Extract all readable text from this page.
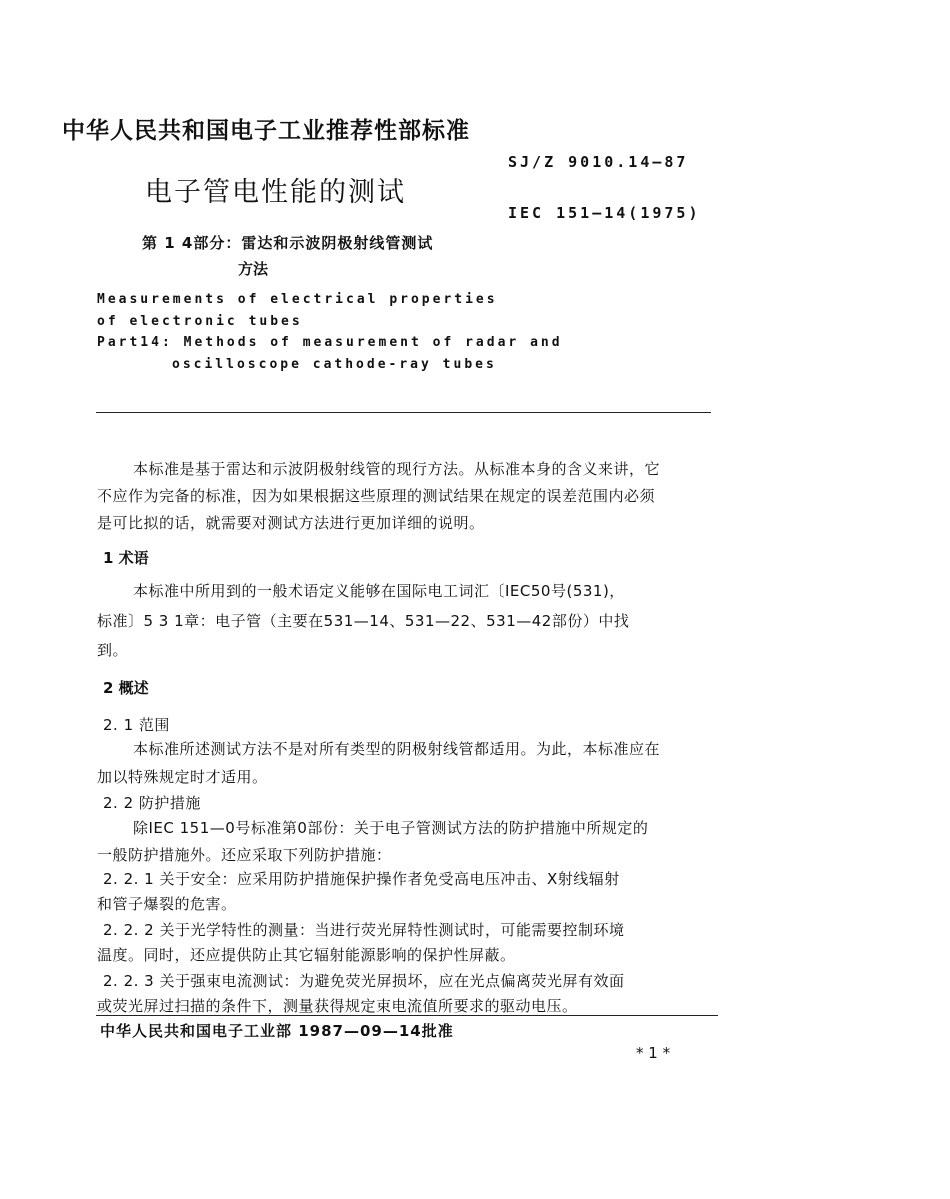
中华人民共和国电子工业推荐性部标准
SJ/Z 9010.14—87
电子管电性能的测试
IEC 151—14(1975)
第 1 4部分：雷达和示波阴极射线管测试
方法
Measurements of electrical properties
of electronic tubes
Part14: Methods of measurement of radar and
oscilloscope cathode-ray tubes
本标准是基于雷达和示波阴极射线管的现行方法。从标准本身的含义来讲，它
不应作为完备的标准，因为如果根据这些原理的测试结果在规定的误差范围内必须
是可比拟的话，就需要对测试方法进行更加详细的说明。
1 术语
本标准中所用到的一般术语定义能够在国际电工词汇〔IEC50号(531)，
标准〕5 3 1章：电子管（主要在531—14、531—22、531—42部份）中找
到。
2 概述
2. 1 范围
本标准所述测试方法不是对所有类型的阴极射线管都适用。为此，本标准应在
加以特殊规定时才适用。
2. 2 防护措施
除IEC 151—0号标准第0部份：关于电子管测试方法的防护措施中所规定的
一般防护措施外。还应采取下列防护措施：
2. 2. 1 关于安全：应采用防护措施保护操作者免受高电压冲击、X射线辐射
和管子爆裂的危害。
2. 2. 2 关于光学特性的测量：当进行荧光屏特性测试时，可能需要控制环境
温度。同时，还应提供防止其它辐射能源影响的保护性屏蔽。
2. 2. 3 关于强束电流测试：为避免荧光屏损坏，应在光点偏离荧光屏有效面
或荧光屏过扫描的条件下，测量获得规定束电流值所要求的驱动电压。
中华人民共和国电子工业部 1987—09—14批准
* 1 *
